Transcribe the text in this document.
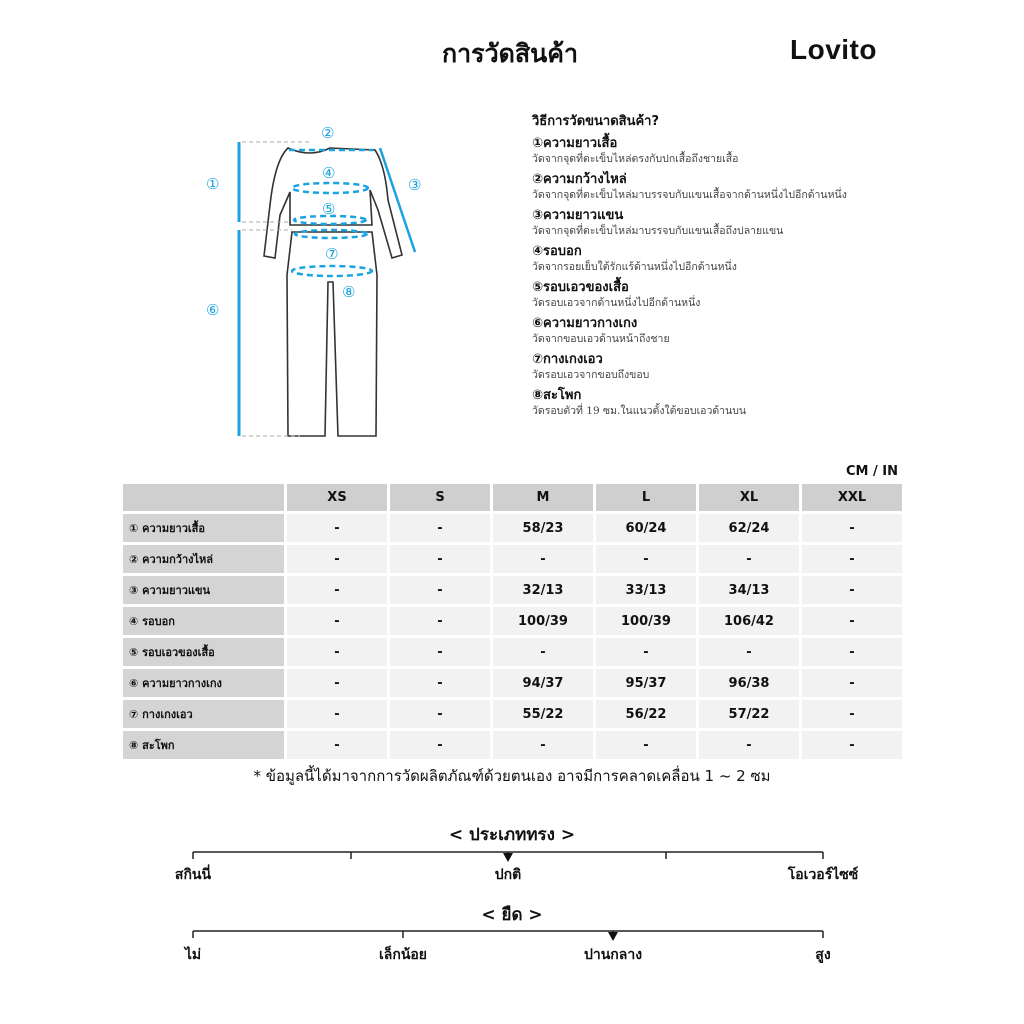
การวัดสินค้า	Lovito
①
②
③
④
⑤
⑥
⑦
⑧
วิธีการวัดขนาดสินค้า?
①ความยาวเสื้อ
วัดจากจุดที่ตะเข็บไหล่ตรงกับปกเสื้อถึงชายเสื้อ
②ความกว้างไหล่
วัดจากจุดที่ตะเข็บไหล่มาบรรจบกับแขนเสื้อจากด้านหนึ่งไปอีกด้านหนึ่ง
③ความยาวแขน
วัดจากจุดที่ตะเข็บไหล่มาบรรจบกับแขนเสื้อถึงปลายแขน
④รอบอก
วัดจากรอยเย็บใต้รักแร้ด้านหนึ่งไปอีกด้านหนึ่ง
⑤รอบเอวของเสื้อ
วัดรอบเอวจากด้านหนึ่งไปอีกด้านหนึ่ง
⑥ความยาวกางเกง
วัดจากขอบเอวด้านหน้าถึงชาย
⑦กางเกงเอว
วัดรอบเอวจากขอบถึงขอบ
⑧สะโพก
วัดรอบตัวที่ 19 ซม.ในแนวตั้งใต้ขอบเอวด้านบน
CM / IN
	XS	S	M	L	XL	XXL
① ความยาวเสื้อ	-	-	58/23	60/24	62/24	-
② ความกว้างไหล่	-	-	-	-	-	-
③ ความยาวแขน	-	-	32/13	33/13	34/13	-
④ รอบอก	-	-	100/39	100/39	106/42	-
⑤ รอบเอวของเสื้อ	-	-	-	-	-	-
⑥ ความยาวกางเกง	-	-	94/37	95/37	96/38	-
⑦ กางเกงเอว	-	-	55/22	56/22	57/22	-
⑧ สะโพก	-	-	-	-	-	-
* ข้อมูลนี้ได้มาจากการวัดผลิตภัณฑ์ด้วยตนเอง อาจมีการคลาดเคลื่อน 1 ~ 2 ซม
< ประเภททรง >
สกินนี่	ปกติ	โอเวอร์ไซซ์
< ยืด >
ไม่	เล็กน้อย	ปานกลาง	สูง
